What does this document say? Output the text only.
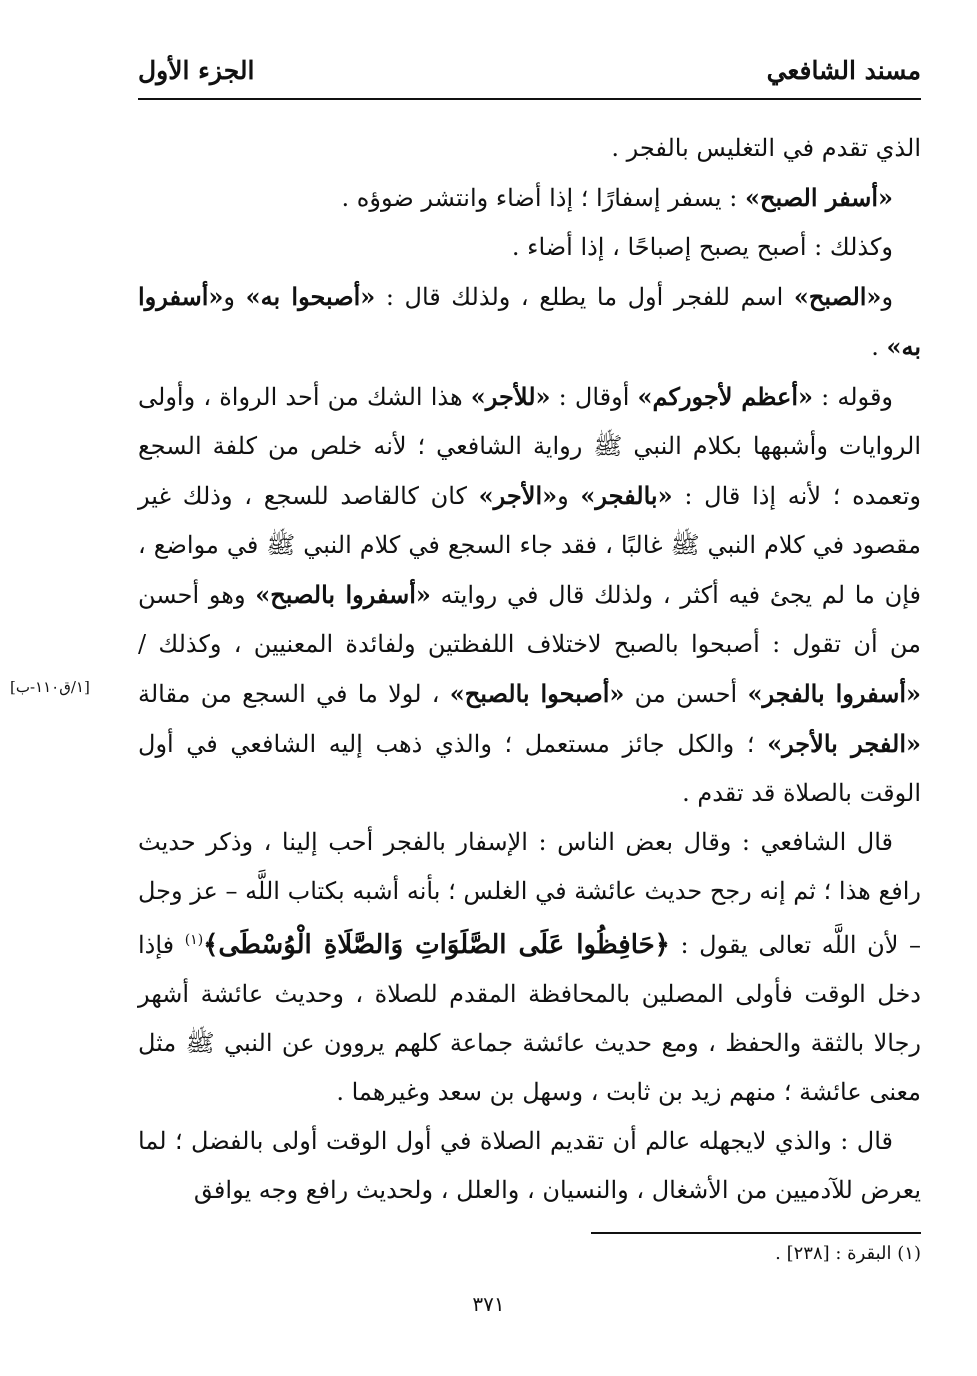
مسند الشافعي
الجزء الأول

الذي تقدم في التغليس بالفجر .

«أسفر الصبح» : يسفر إسفارًا ؛ إذا أضاء وانتشر ضوؤه .

وكذلك : أصبح يصبح إصباحًا ، إذا أضاء .

و«الصبح» اسم للفجر أول ما يطلع ، ولذلك قال : «أصبحوا به» و«أسفروا به» .

وقوله : «أعظم لأجوركم» أوقال : «للأجر» هذا الشك من أحد الرواة ، وأولى الروايات وأشبهها بكلام النبي ﷺ رواية الشافعي ؛ لأنه خلص من كلفة السجع وتعمده ؛ لأنه إذا قال : «بالفجر» و«الأجر» كان كالقاصد للسجع ، وذلك غير مقصود في كلام النبي ﷺ غالبًا ، فقد جاء السجع في كلام النبي ﷺ في مواضع ، فإن ما لم يجئ فيه أكثر ، ولذلك قال في روايته «أسفروا بالصبح» وهو أحسن من أن تقول : أصبحوا بالصبح لاختلاف اللفظتين ولفائدة المعنيين ، وكذلك / «أسفروا بالفجر» أحسن من «أصبحوا بالصبح» ، لولا ما في السجع من مقالة «الفجر بالأجر» ؛ والكل جائز مستعمل ؛ والذي ذهب إليه الشافعي في أول الوقت بالصلاة قد تقدم .

قال الشافعي : وقال بعض الناس : الإسفار بالفجر أحب إلينا ، وذكر حديث رافع هذا ؛ ثم إنه رجح حديث عائشة في الغلس ؛ بأنه أشبه بكتاب اللَّه – عز وجل – لأن اللَّه تعالى يقول : ﴿حَافِظُوا عَلَى الصَّلَوَاتِ وَالصَّلَاةِ الْوُسْطَى﴾$^{(١)}$ فإذا دخل الوقت فأولى المصلين بالمحافظة المقدم للصلاة ، وحديث عائشة أشهر رجالا بالثقة والحفظ ، ومع حديث عائشة جماعة كلهم يروون عن النبي ﷺ مثل معنى عائشة ؛ منهم زيد بن ثابت ، وسهل بن سعد وغيرهما .

قال : والذي لايجهله عالم أن تقديم الصلاة في أول الوقت أولى بالفضل ؛ لما يعرض للآدميين من الأشغال ، والنسيان ، والعلل ، ولحديث رافع وجه يوافق

[١/ق١١٠-ب]
(١) البقرة : [٢٣٨] .
٣٧١
